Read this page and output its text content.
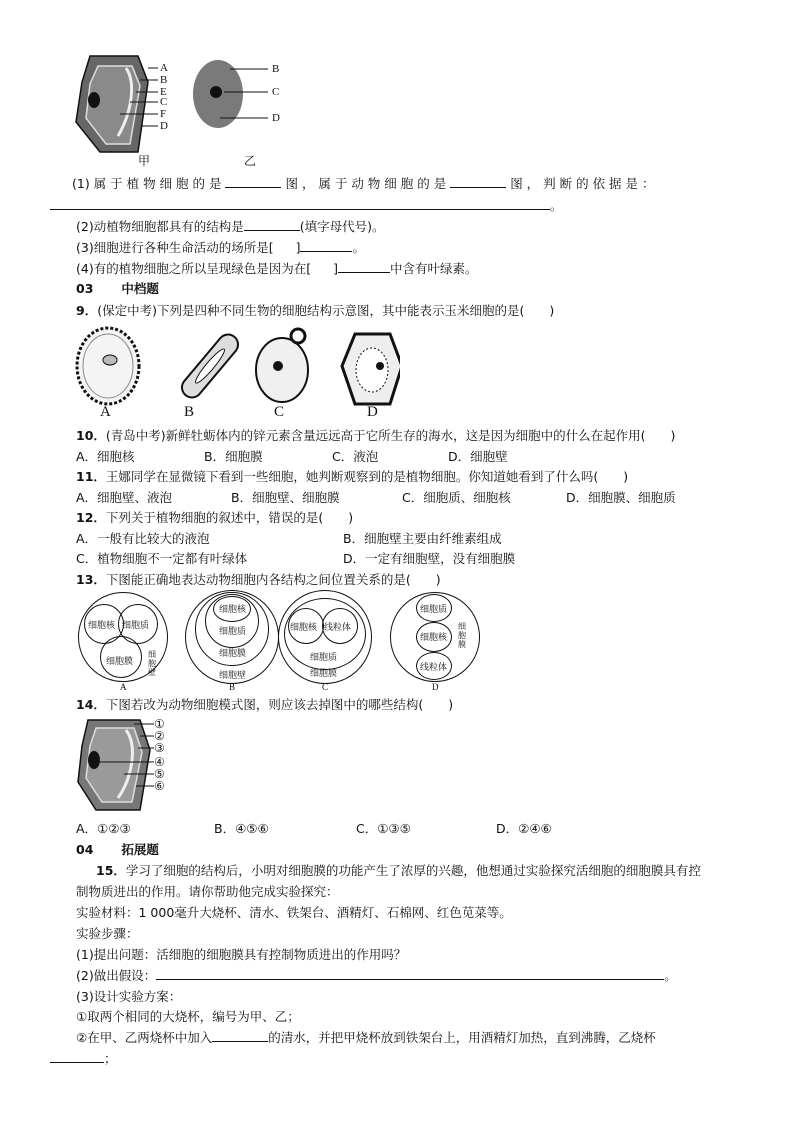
A
B
E
C
F
D
B
C
D
甲	乙
(1) 属 于 植 物 细 胞 的 是	图 ， 属 于 动 物 细 胞 的 是	图 ， 判 断 的 依 据 是 ：
。
(2)动植物细胞都具有的结构是	(填字母代号)。
(3)细胞进行各种生命活动的场所是[ ]	。
(4)有的植物细胞之所以呈现绿色是因为在[ ]	中含有叶绿素。
03 中档题
9．(保定中考)下列是四种不同生物的细胞结构示意图，其中能表示玉米细胞的是(　　)
A	B	C	D
10．(青岛中考)新鲜牡蛎体内的锌元素含量远远高于它所生存的海水，这是因为细胞中的什么在起作用(　　)
A．细胞核	B．细胞膜	C．液泡	D．细胞壁
11．王娜同学在显微镜下看到一些细胞，她判断观察到的是植物细胞。你知道她看到了什么吗(　　)
A．细胞壁、液泡	B．细胞壁、细胞膜	C．细胞质、细胞核	D．细胞膜、细胞质
12．下列关于植物细胞的叙述中，错误的是(　　)
A．一般有比较大的液泡	B．细胞壁主要由纤维素组成
C．植物细胞不一定都有叶绿体	D．一定有细胞壁，没有细胞膜
13．下图能正确地表达动物细胞内各结构之间位置关系的是(　　)
细胞核 细胞质
细胞膜
细胞壁
A
细胞核
细胞质
细胞膜
细胞壁
B
细胞核 线粒体
细胞质
细胞膜
C
细胞质
细胞核
线粒体
细胞膜
D
14．下图若改为动物细胞模式图，则应该去掉图中的哪些结构(　　)
①
②
③
④
⑤
⑥
A．①②③	B．④⑤⑥	C．①③⑤	D．②④⑥
04 拓展题
15．学习了细胞的结构后，小明对细胞膜的功能产生了浓厚的兴趣，他想通过实验探究活细胞的细胞膜具有控
制物质进出的作用。请你帮助他完成实验探究：
实验材料：1 000毫升大烧杯、清水、铁架台、酒精灯、石棉网、红色苋菜等。
实验步骤：
(1)提出问题：活细胞的细胞膜具有控制物质进出的作用吗？
(2)做出假设：	。
(3)设计实验方案：
①取两个相同的大烧杯，编号为甲、乙；
②在甲、乙两烧杯中加入	的清水，并把甲烧杯放到铁架台上，用酒精灯加热，直到沸腾，乙烧杯
；
